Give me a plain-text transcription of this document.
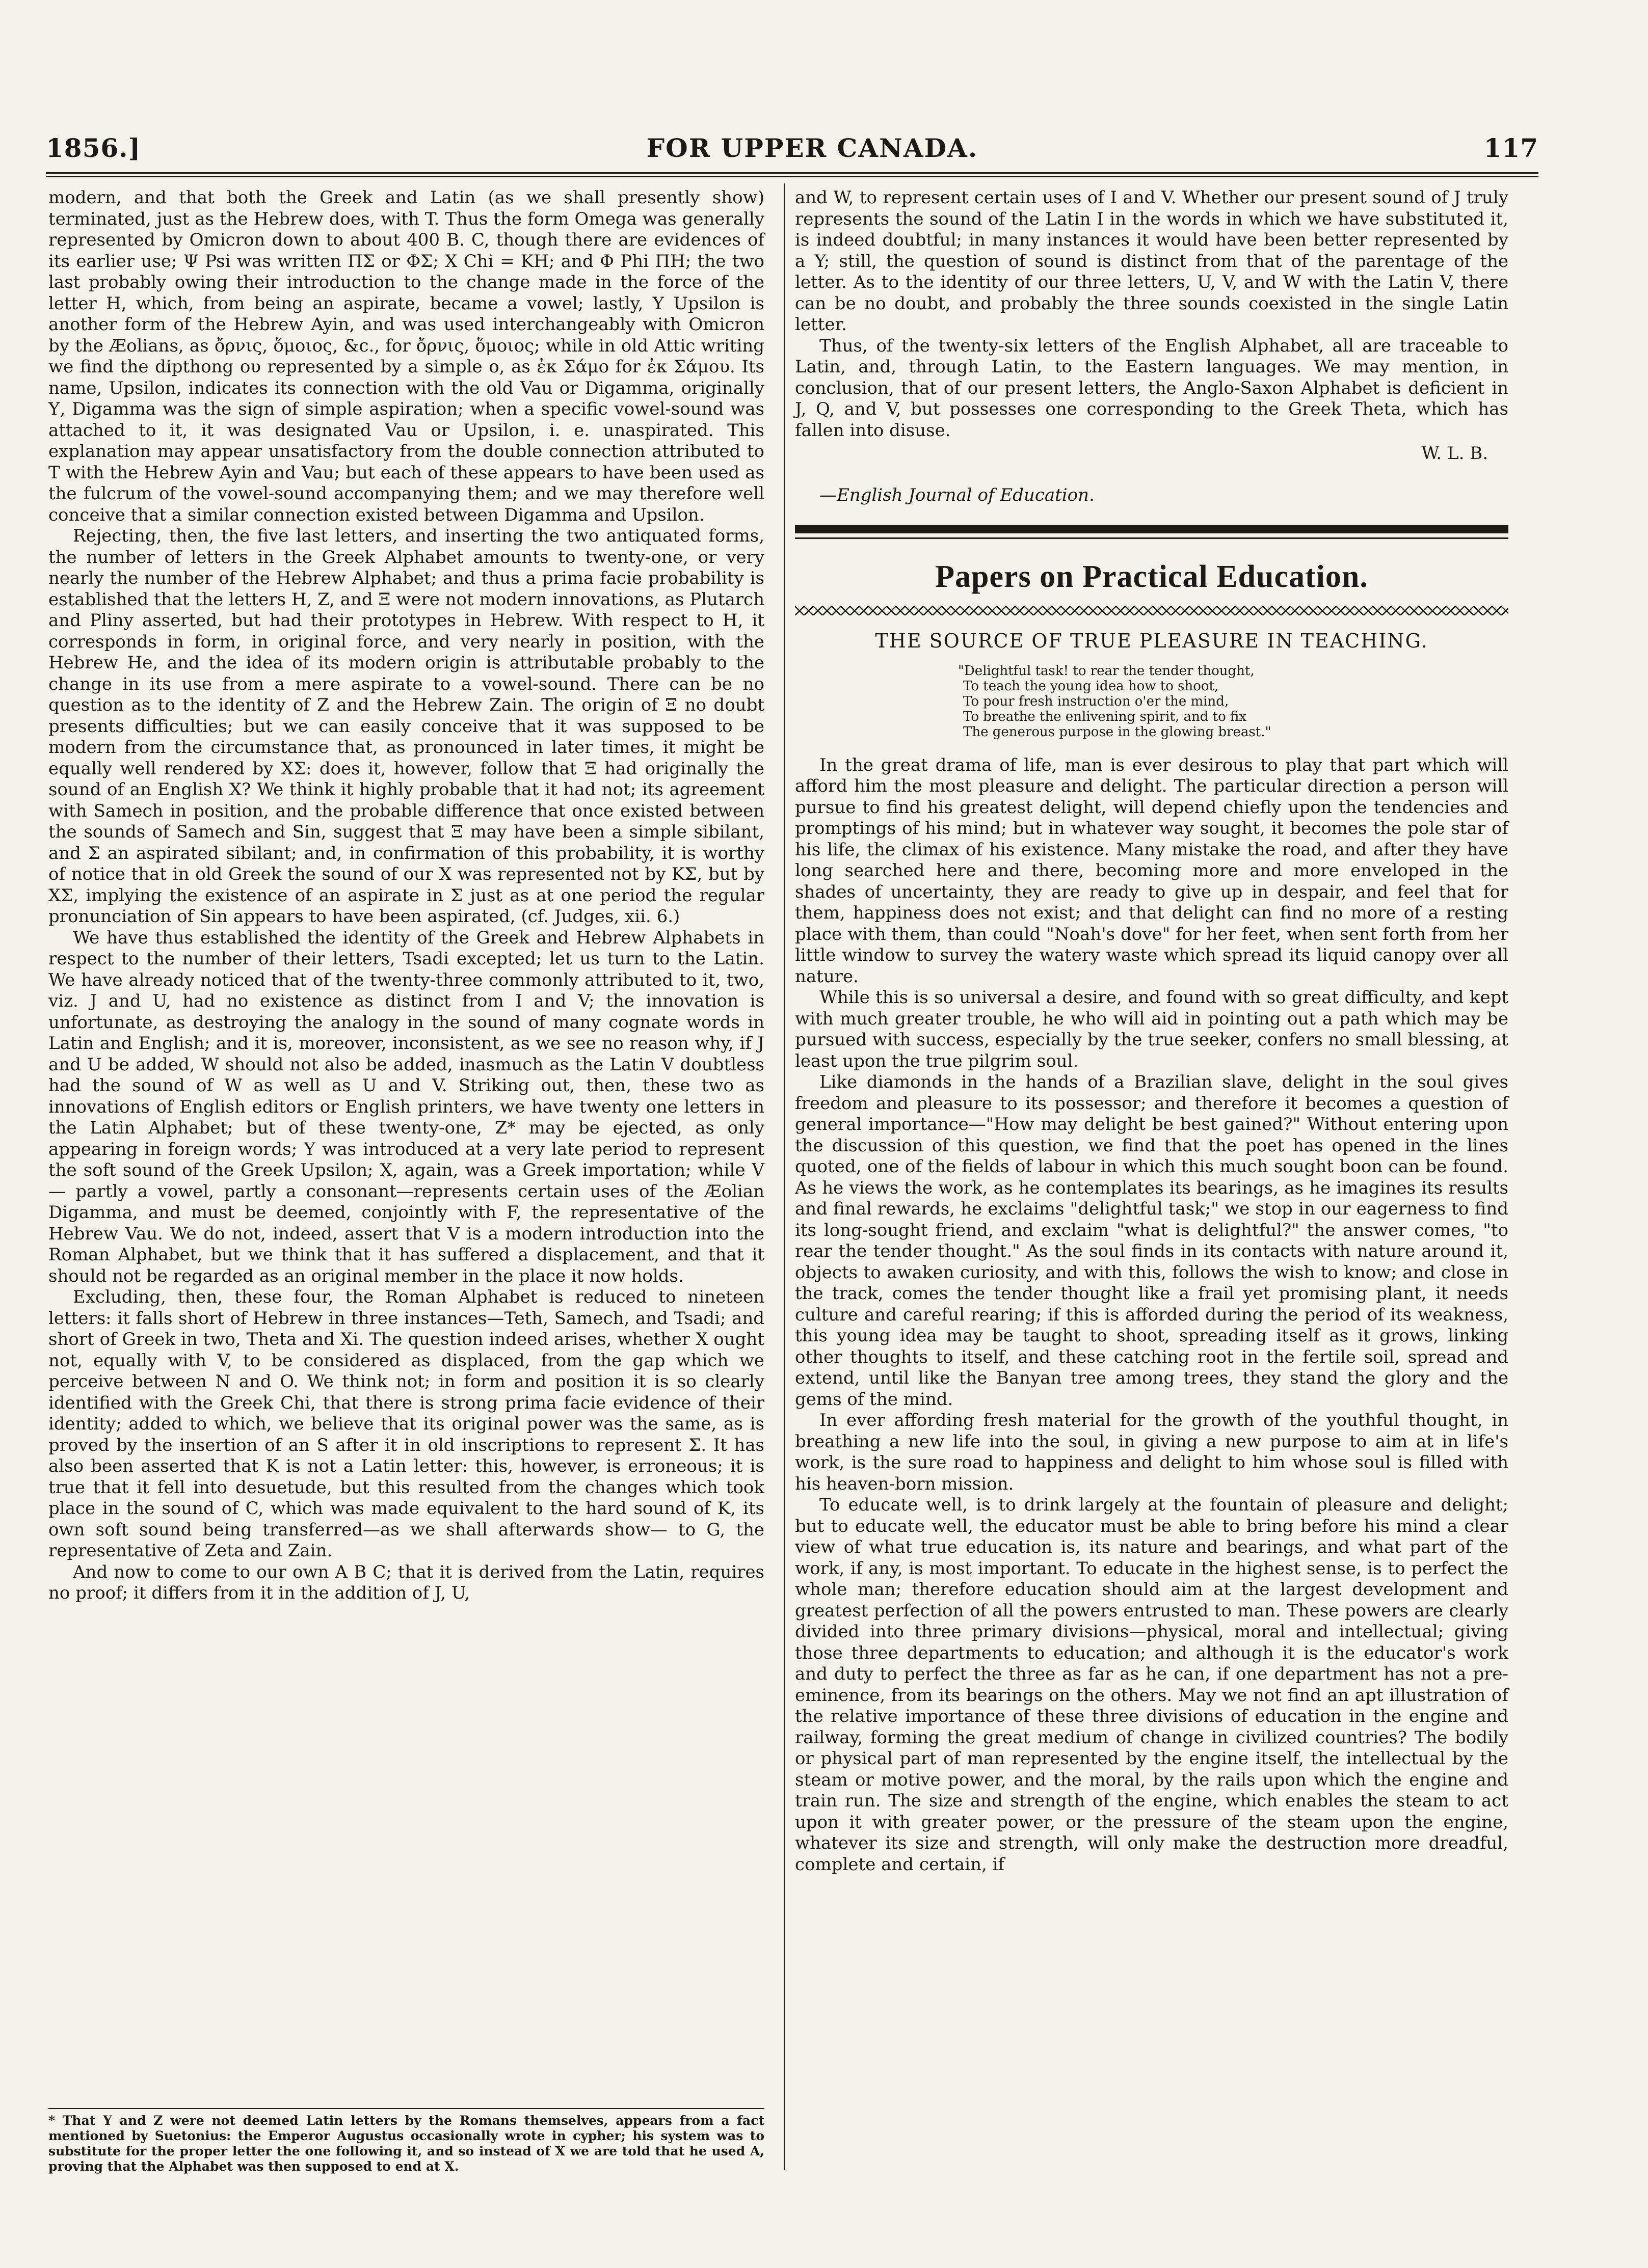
1856.]	FOR UPPER CANADA.	117

modern, and that both the Greek and Latin (as we shall presently show) terminated, just as the Hebrew does, with T. Thus the form Omega was generally represented by Omicron down to about 400 B. C, though there are evidences of its earlier use; Ψ Psi was written ΠΣ or ΦΣ; X Chi = KH; and Φ Phi ΠH; the two last probably owing their introduction to the change made in the force of the letter H, which, from being an aspirate, became a vowel; lastly, Υ Upsilon is another form of the Hebrew Ayin, and was used interchangeably with Omicron by the Æolians, as ὄρνις, ὅμοιος, &c., for ὄρνις, ὅμοιος; while in old Attic writing we find the dipthong ου represented by a simple ο, as ἐκ Σάμο for ἐκ Σάμου. Its name, Upsilon, indicates its connection with the old Vau or Digamma, originally Υ, Digamma was the sign of simple aspiration; when a specific vowel-sound was attached to it, it was designated Vau or Upsilon, i. e. unaspirated. This explanation may appear unsatisfactory from the double connection attributed to T with the Hebrew Ayin and Vau; but each of these appears to have been used as the fulcrum of the vowel-sound accompanying them; and we may therefore well conceive that a similar connection existed between Digamma and Upsilon.

Rejecting, then, the five last letters, and inserting the two antiquated forms, the number of letters in the Greek Alphabet amounts to twenty-one, or very nearly the number of the Hebrew Alphabet; and thus a prima facie probability is established that the letters H, Z, and Ξ were not modern innovations, as Plutarch and Pliny asserted, but had their prototypes in Hebrew. With respect to H, it corresponds in form, in original force, and very nearly in position, with the Hebrew He, and the idea of its modern origin is attributable probably to the change in its use from a mere aspirate to a vowel-sound. There can be no question as to the identity of Z and the Hebrew Zain. The origin of Ξ no doubt presents difficulties; but we can easily conceive that it was supposed to be modern from the circumstance that, as pronounced in later times, it might be equally well rendered by ΧΣ: does it, however, follow that Ξ had originally the sound of an English X? We think it highly probable that it had not; its agreement with Samech in position, and the probable difference that once existed between the sounds of Samech and Sin, suggest that Ξ may have been a simple sibilant, and Σ an aspirated sibilant; and, in confirmation of this probability, it is worthy of notice that in old Greek the sound of our X was represented not by ΚΣ, but by ΧΣ, implying the existence of an aspirate in Σ just as at one period the regular pronunciation of Sin appears to have been aspirated, (cf. Judges, xii. 6.)

We have thus established the identity of the Greek and Hebrew Alphabets in respect to the number of their letters, Tsadi excepted; let us turn to the Latin. We have already noticed that of the twenty-three commonly attributed to it, two, viz. J and U, had no existence as distinct from I and V; the innovation is unfortunate, as destroying the analogy in the sound of many cognate words in Latin and English; and it is, moreover, inconsistent, as we see no reason why, if J and U be added, W should not also be added, inasmuch as the Latin V doubtless had the sound of W as well as U and V. Striking out, then, these two as innovations of English editors or English printers, we have twenty one letters in the Latin Alphabet; but of these twenty-one, Z* may be ejected, as only appearing in foreign words; Y was introduced at a very late period to represent the soft sound of the Greek Upsilon; X, again, was a Greek importation; while V— partly a vowel, partly a consonant—represents certain uses of the Æolian Digamma, and must be deemed, conjointly with F, the representative of the Hebrew Vau. We do not, indeed, assert that V is a modern introduction into the Roman Alphabet, but we think that it has suffered a displacement, and that it should not be regarded as an original member in the place it now holds.

Excluding, then, these four, the Roman Alphabet is reduced to nineteen letters: it falls short of Hebrew in three instances—Teth, Samech, and Tsadi; and short of Greek in two, Theta and Xi. The question indeed arises, whether X ought not, equally with V, to be considered as displaced, from the gap which we perceive between N and O. We think not; in form and position it is so clearly identified with the Greek Chi, that there is strong prima facie evidence of their identity; added to which, we believe that its original power was the same, as is proved by the insertion of an S after it in old inscriptions to represent Σ. It has also been asserted that K is not a Latin letter: this, however, is erroneous; it is true that it fell into desuetude, but this resulted from the changes which took place in the sound of C, which was made equivalent to the hard sound of K, its own soft sound being transferred—as we shall afterwards show— to G, the representative of Zeta and Zain.

And now to come to our own A B C; that it is derived from the Latin, requires no proof; it differs from it in the addition of J, U,

* That Y and Z were not deemed Latin letters by the Romans themselves, appears from a fact mentioned by Suetonius: the Emperor Augustus occasionally wrote in cypher; his system was to substitute for the proper letter the one following it, and so instead of X we are told that he used A, proving that the Alphabet was then supposed to end at X.

and W, to represent certain uses of I and V. Whether our present sound of J truly represents the sound of the Latin I in the words in which we have substituted it, is indeed doubtful; in many instances it would have been better represented by a Y; still, the question of sound is distinct from that of the parentage of the letter. As to the identity of our three letters, U, V, and W with the Latin V, there can be no doubt, and probably the three sounds coexisted in the single Latin letter.

Thus, of the twenty-six letters of the English Alphabet, all are traceable to Latin, and, through Latin, to the Eastern languages. We may mention, in conclusion, that of our present letters, the Anglo-Saxon Alphabet is deficient in J, Q, and V, but possesses one corresponding to the Greek Theta, which has fallen into disuse.

W. L. B.
—English Journal of Education.
Papers on Practical Education.
THE SOURCE OF TRUE PLEASURE IN TEACHING.
"Delightful task! to rear the tender thought,
To teach the young idea how to shoot,
To pour fresh instruction o'er the mind,
To breathe the enlivening spirit, and to fix
The generous purpose in the glowing breast."

In the great drama of life, man is ever desirous to play that part which will afford him the most pleasure and delight. The particular direction a person will pursue to find his greatest delight, will depend chiefly upon the tendencies and promptings of his mind; but in whatever way sought, it becomes the pole star of his life, the climax of his existence. Many mistake the road, and after they have long searched here and there, becoming more and more enveloped in the shades of uncertainty, they are ready to give up in despair, and feel that for them, happiness does not exist; and that delight can find no more of a resting place with them, than could "Noah's dove" for her feet, when sent forth from her little window to survey the watery waste which spread its liquid canopy over all nature.

While this is so universal a desire, and found with so great difficulty, and kept with much greater trouble, he who will aid in pointing out a path which may be pursued with success, especially by the true seeker, confers no small blessing, at least upon the true pilgrim soul.

Like diamonds in the hands of a Brazilian slave, delight in the soul gives freedom and pleasure to its possessor; and therefore it becomes a question of general importance—"How may delight be best gained?" Without entering upon the discussion of this question, we find that the poet has opened in the lines quoted, one of the fields of labour in which this much sought boon can be found. As he views the work, as he contemplates its bearings, as he imagines its results and final rewards, he exclaims "delightful task;" we stop in our eagerness to find its long-sought friend, and exclaim "what is delightful?" the answer comes, "to rear the tender thought." As the soul finds in its contacts with nature around it, objects to awaken curiosity, and with this, follows the wish to know; and close in the track, comes the tender thought like a frail yet promising plant, it needs culture and careful rearing; if this is afforded during the period of its weakness, this young idea may be taught to shoot, spreading itself as it grows, linking other thoughts to itself, and these catching root in the fertile soil, spread and extend, until like the Banyan tree among trees, they stand the glory and the gems of the mind.

In ever affording fresh material for the growth of the youthful thought, in breathing a new life into the soul, in giving a new purpose to aim at in life's work, is the sure road to happiness and delight to him whose soul is filled with his heaven-born mission.

To educate well, is to drink largely at the fountain of pleasure and delight; but to educate well, the educator must be able to bring before his mind a clear view of what true education is, its nature and bearings, and what part of the work, if any, is most important. To educate in the highest sense, is to perfect the whole man; therefore education should aim at the largest development and greatest perfection of all the powers entrusted to man. These powers are clearly divided into three primary divisions—physical, moral and intellectual; giving those three departments to education; and although it is the educator's work and duty to perfect the three as far as he can, if one department has not a pre-eminence, from its bearings on the others. May we not find an apt illustration of the relative importance of these three divisions of education in the engine and railway, forming the great medium of change in civilized countries? The bodily or physical part of man represented by the engine itself, the intellectual by the steam or motive power, and the moral, by the rails upon which the engine and train run. The size and strength of the engine, which enables the steam to act upon it with greater power, or the pressure of the steam upon the engine, whatever its size and strength, will only make the destruction more dreadful, complete and certain, if
